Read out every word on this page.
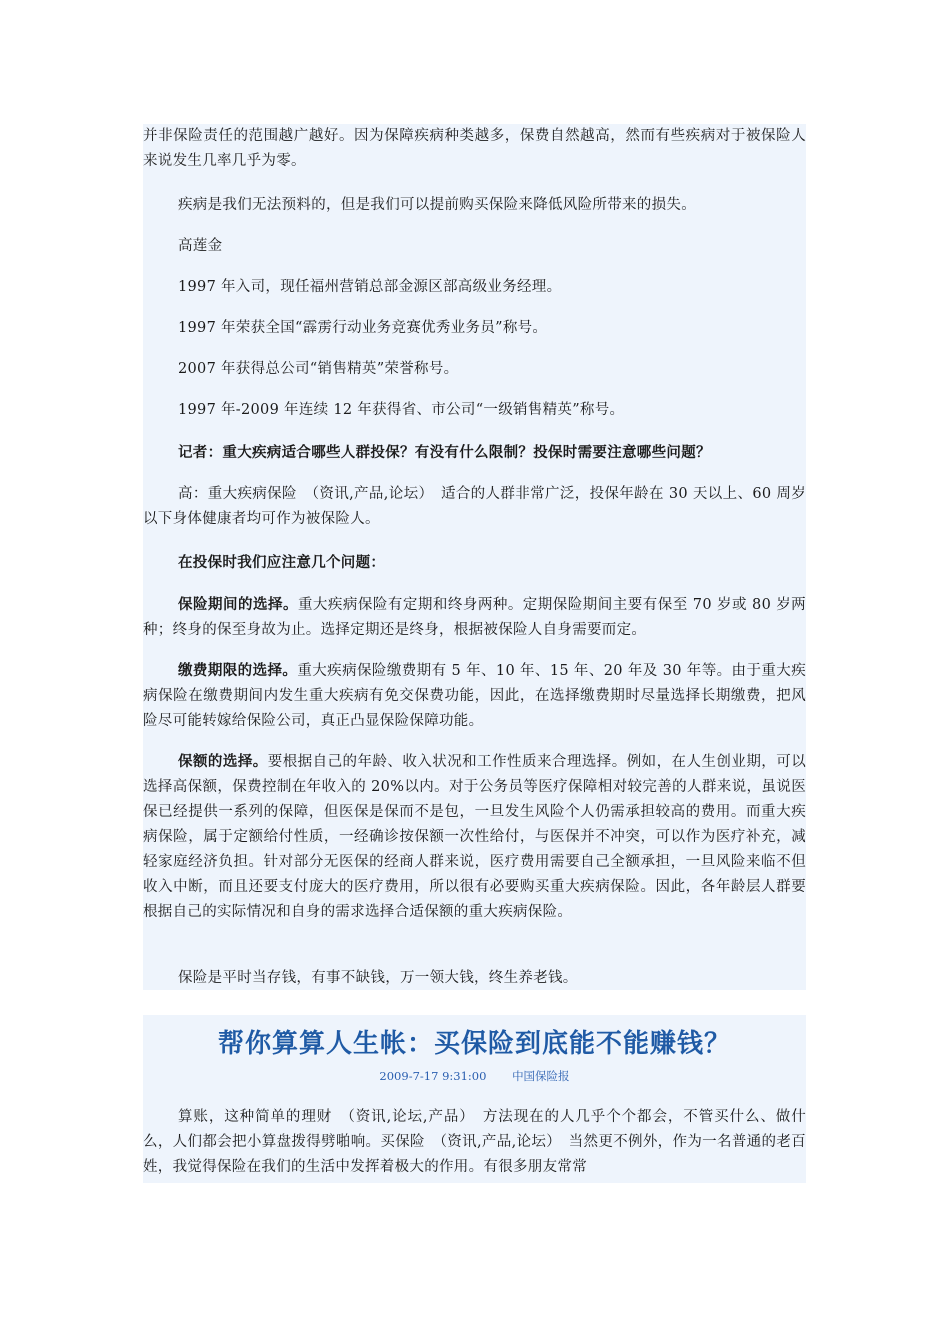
并非保险责任的范围越广越好。因为保障疾病种类越多，保费自然越高，然而有些疾病对于被保险人来说发生几率几乎为零。

疾病是我们无法预料的，但是我们可以提前购买保险来降低风险所带来的损失。

高莲金

1997 年入司，现任福州营销总部金源区部高级业务经理。

1997 年荣获全国“霹雳行动业务竞赛优秀业务员”称号。

2007 年获得总公司“销售精英”荣誉称号。

1997 年-2009 年连续 12 年获得省、市公司“一级销售精英”称号。

记者：重大疾病适合哪些人群投保？有没有什么限制？投保时需要注意哪些问题？

高：重大疾病保险　（资讯,产品,论坛）　适合的人群非常广泛，投保年龄在 30 天以上、60 周岁以下身体健康者均可作为被保险人。

在投保时我们应注意几个问题：

保险期间的选择。重大疾病保险有定期和终身两种。定期保险期间主要有保至 70 岁或 80 岁两种；终身的保至身故为止。选择定期还是终身，根据被保险人自身需要而定。

缴费期限的选择。重大疾病保险缴费期有 5 年、10 年、15 年、20 年及 30 年等。由于重大疾病保险在缴费期间内发生重大疾病有免交保费功能，因此，在选择缴费期时尽量选择长期缴费，把风险尽可能转嫁给保险公司，真正凸显保险保障功能。

保额的选择。要根据自己的年龄、收入状况和工作性质来合理选择。例如，在人生创业期，可以选择高保额，保费控制在年收入的 20%以内。对于公务员等医疗保障相对较完善的人群来说，虽说医保已经提供一系列的保障，但医保是保而不是包，一旦发生风险个人仍需承担较高的费用。而重大疾病保险，属于定额给付性质，一经确诊按保额一次性给付，与医保并不冲突，可以作为医疗补充，减轻家庭经济负担。针对部分无医保的经商人群来说，医疗费用需要自己全额承担，一旦风险来临不但收入中断，而且还要支付庞大的医疗费用，所以很有必要购买重大疾病保险。因此，各年龄层人群要根据自己的实际情况和自身的需求选择合适保额的重大疾病保险。

保险是平时当存钱，有事不缺钱，万一领大钱，终生养老钱。

帮你算算人生帐：买保险到底能不能赚钱？
2009-7-17 9:31:00 中国保险报

算账，这种简单的理财　（资讯,论坛,产品）　方法现在的人几乎个个都会，不管买什么、做什么，人们都会把小算盘拨得劈啪响。买保险　（资讯,产品,论坛）　当然更不例外，作为一名普通的老百姓，我觉得保险在我们的生活中发挥着极大的作用。有很多朋友常常
